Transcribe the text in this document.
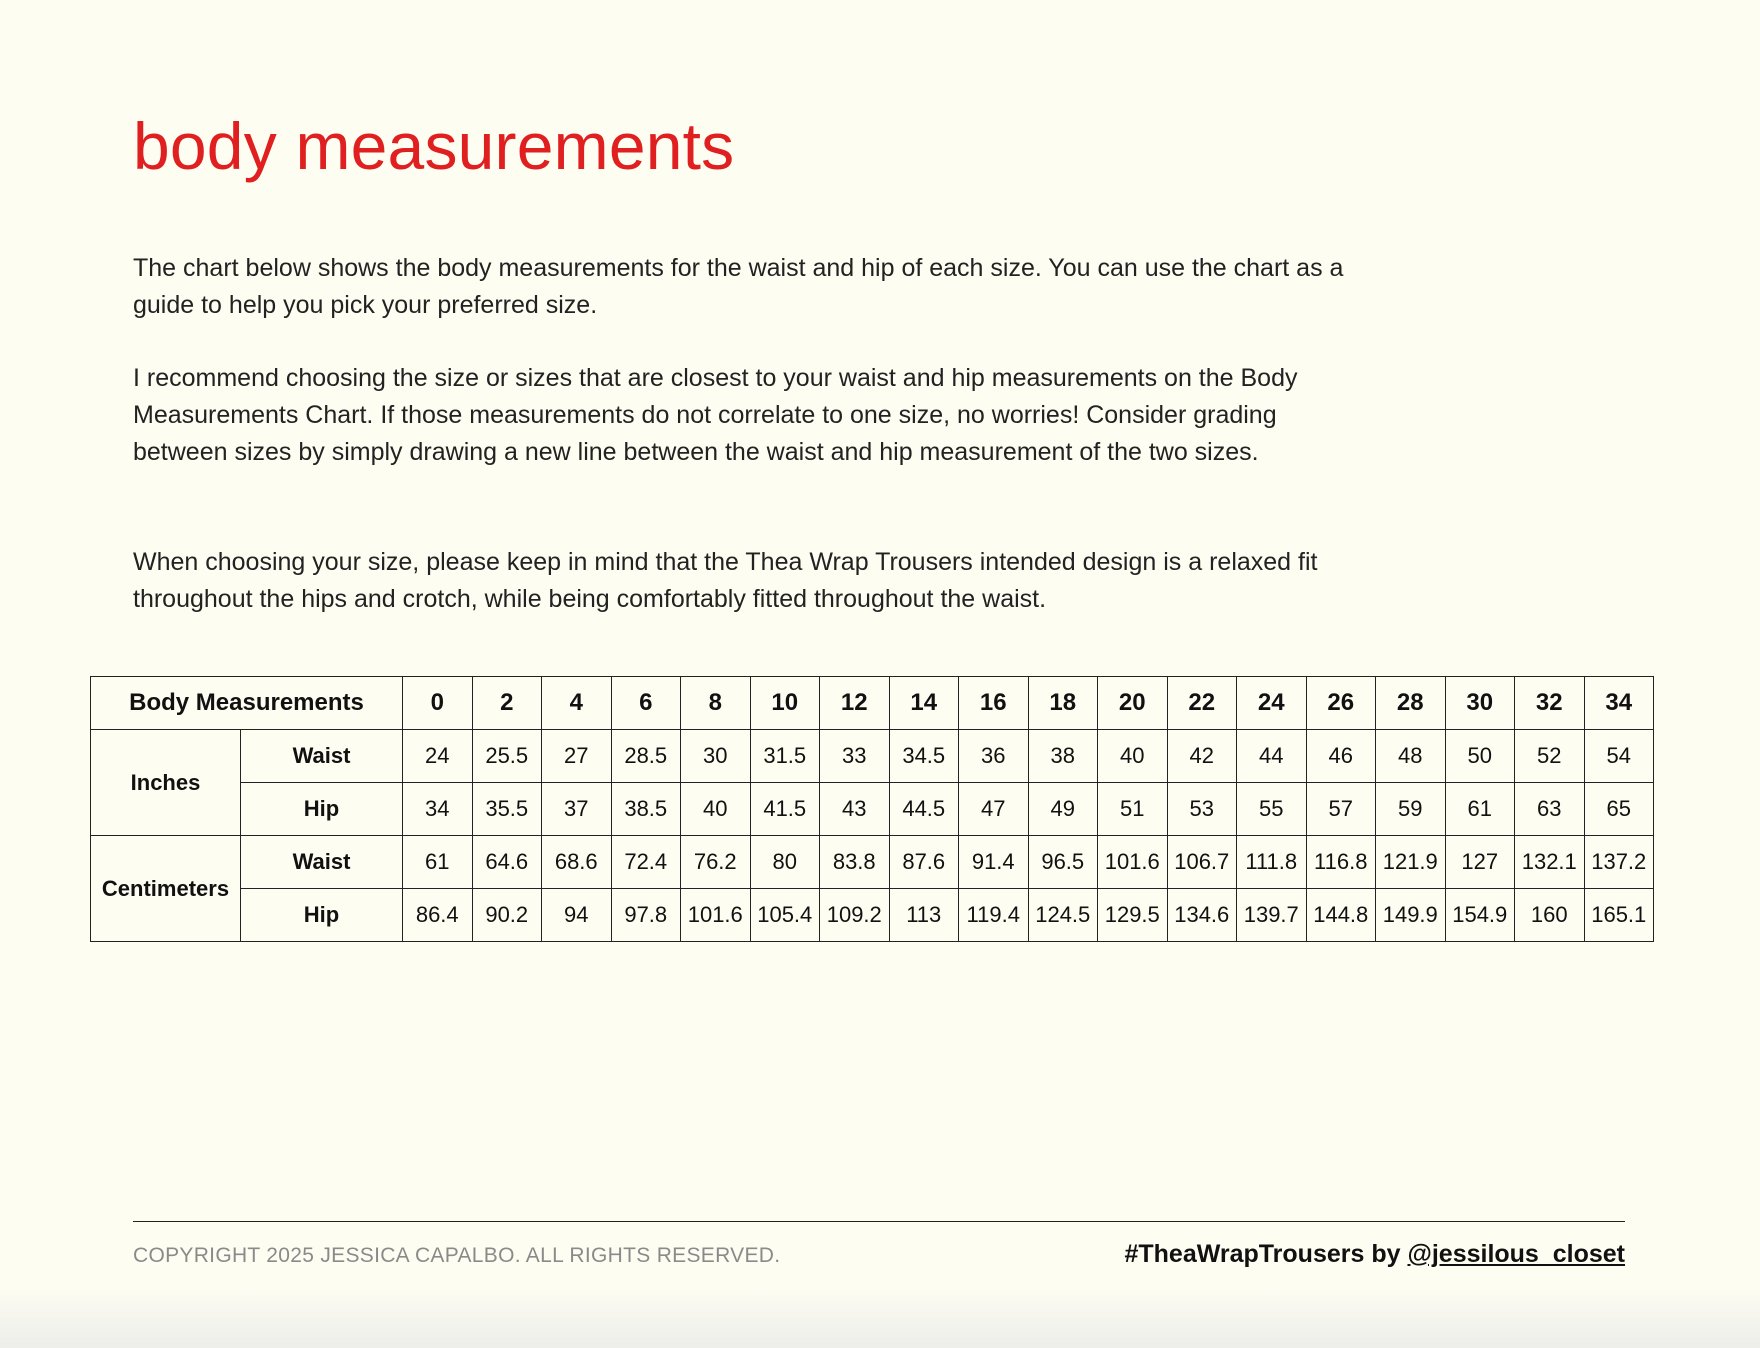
body measurements

The chart below shows the body measurements for the waist and hip of each size. You can use the chart as a guide to help you pick your preferred size.

I recommend choosing the size or sizes that are closest to your waist and hip measurements on the Body Measurements Chart. If those measurements do not correlate to one size, no worries! Consider grading between sizes by simply drawing a new line between the waist and hip measurement of the two sizes.

When choosing your size, please keep in mind that the Thea Wrap Trousers intended design is a relaxed fit throughout the hips and crotch, while being comfortably fitted throughout the waist.

Body Measurements		0	2	4	6	8	10	12	14	16	18	20	22	24	26	28	30	32	34
Inches	Waist	24	25.5	27	28.5	30	31.5	33	34.5	36	38	40	42	44	46	48	50	52	54
	Hip	34	35.5	37	38.5	40	41.5	43	44.5	47	49	51	53	55	57	59	61	63	65
Centimeters	Waist	61	64.6	68.6	72.4	76.2	80	83.8	87.6	91.4	96.5	101.6	106.7	111.8	116.8	121.9	127	132.1	137.2
	Hip	86.4	90.2	94	97.8	101.6	105.4	109.2	113	119.4	124.5	129.5	134.6	139.7	144.8	149.9	154.9	160	165.1
COPYRIGHT 2025 JESSICA CAPALBO. ALL RIGHTS RESERVED.	#TheaWrapTrousers by @jessilous_closet
